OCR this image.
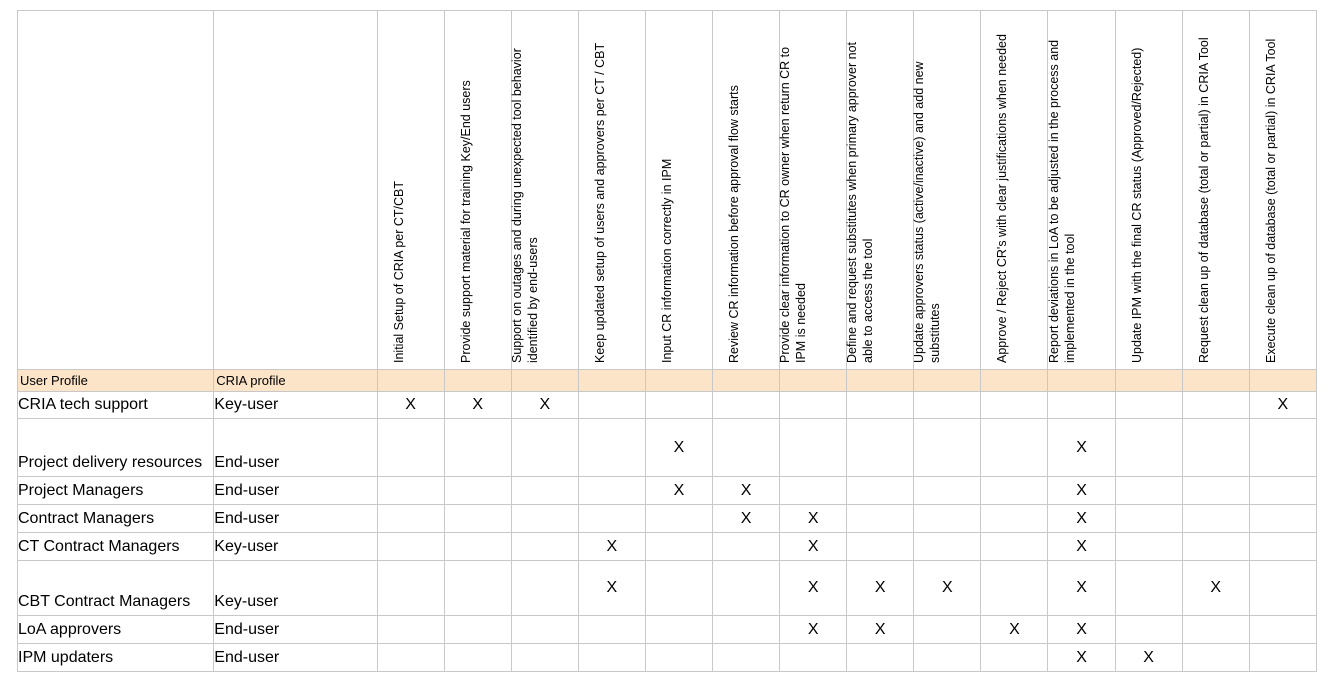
		Initial Setup of CRIA per CT/CBT	Provide support material for training Key/End users	Support on outages and during unexpected tool behavior identified by end-users	Keep updated setup of users and approvers per CT / CBT	Input CR information correctly in IPM	Review CR information before approval flow starts	Provide clear information to CR owner when return CR to IPM is needed	Define and request substitutes when primary approver not able to access the tool	Update approvers status (active/inactive) and add new substitutes	Approve / Reject CR's with clear justifications when needed	Report deviations in LoA to be adjusted in the process and implemented in the tool	Update IPM with the final CR status (Approved/Rejected)	Request clean up of database (total or partial) in CRIA Tool	Execute clean up of database (total or partial) in CRIA Tool

User Profile	CRIA profile														
CRIA tech support	Key-user	X	X	X											X
Project delivery resources	End-user					X						X			
Project Managers	End-user					X	X					X			
Contract Managers	End-user						X	X				X			
CT Contract Managers	Key-user				X			X				X			
CBT Contract Managers	Key-user				X			X	X	X		X		X	
LoA approvers	End-user							X	X		X	X			
IPM updaters	End-user											X	X		
